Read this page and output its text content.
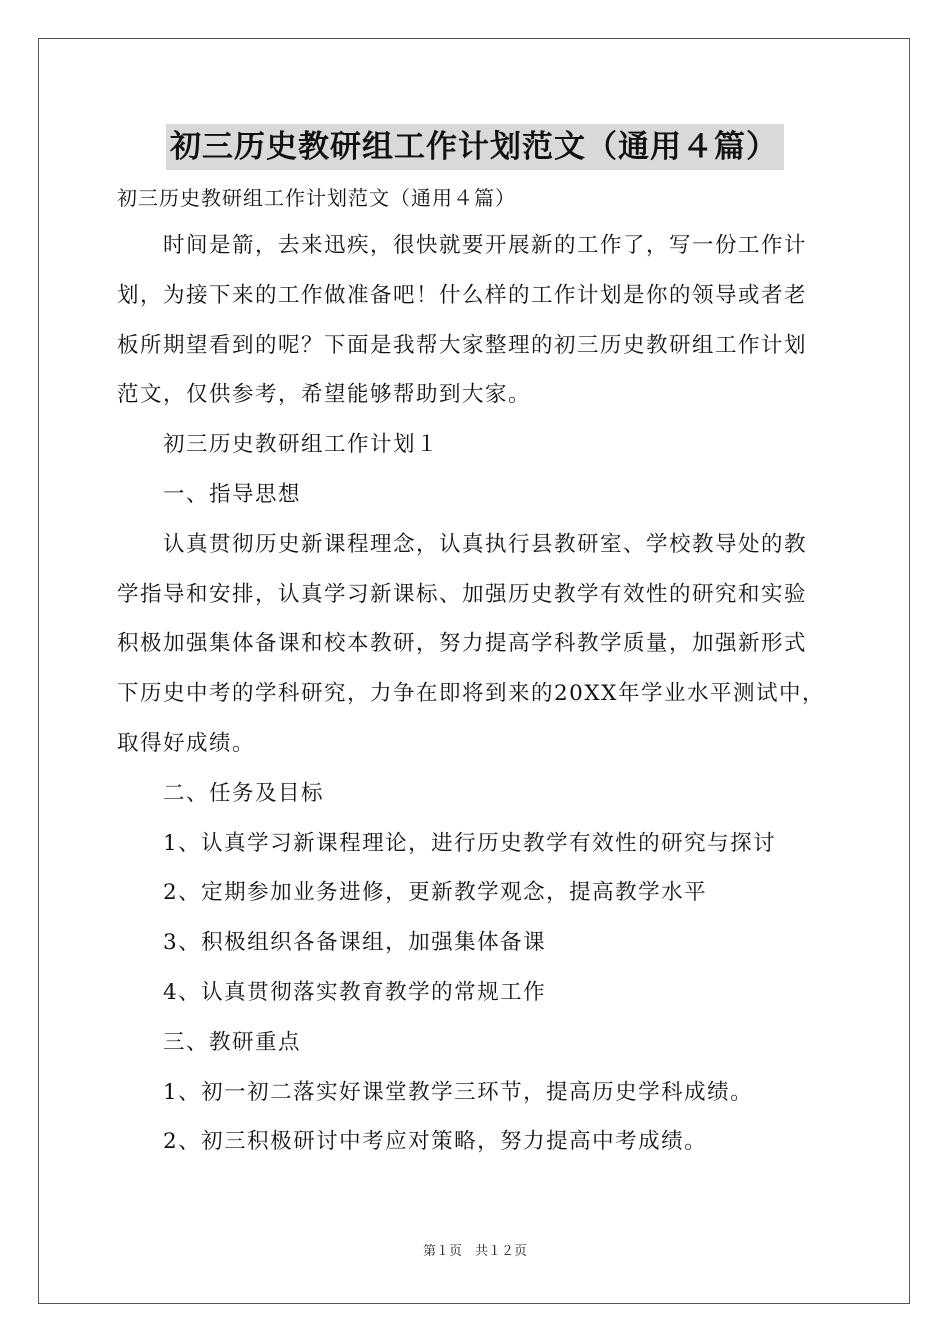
初三历史教研组工作计划范文（通用４篇）
初三历史教研组工作计划范文（通用４篇）
时间是箭，去来迅疾，很快就要开展新的工作了，写一份工作计
划，为接下来的工作做准备吧！什么样的工作计划是你的领导或者老
板所期望看到的呢？下面是我帮大家整理的初三历史教研组工作计划
范文，仅供参考，希望能够帮助到大家。
初三历史教研组工作计划１
一、指导思想
认真贯彻历史新课程理念，认真执行县教研室、学校教导处的教
学指导和安排，认真学习新课标、加强历史教学有效性的研究和实验
积极加强集体备课和校本教研，努力提高学科教学质量，加强新形式
下历史中考的学科研究，力争在即将到来的20XX年学业水平测试中，
取得好成绩。
二、任务及目标
1、认真学习新课程理论，进行历史教学有效性的研究与探讨
2、定期参加业务进修，更新教学观念，提高教学水平
3、积极组织各备课组，加强集体备课
4、认真贯彻落实教育教学的常规工作
三、教研重点
1、初一初二落实好课堂教学三环节，提高历史学科成绩。
2、初三积极研讨中考应对策略，努力提高中考成绩。
第１页　共１２页
